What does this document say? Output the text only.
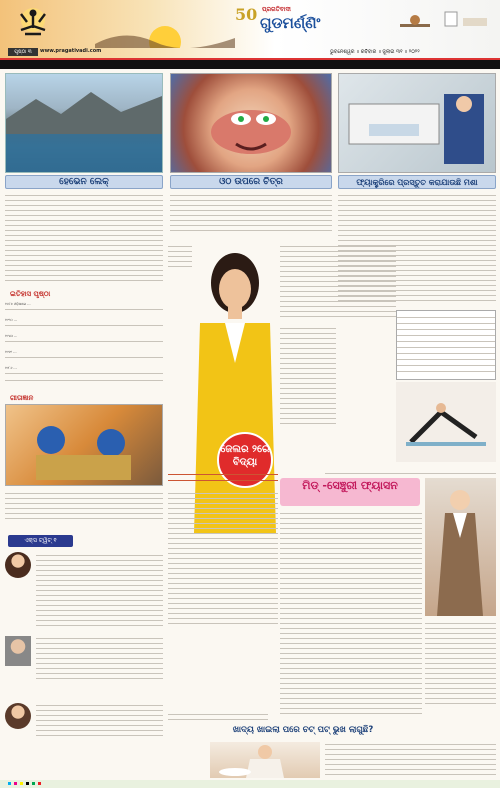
ପୃଷ୍ଠା ୩	www.pragativadi.com
50 ପ୍ରଗତିବାଦୀ
ଗୁଡମର୍ଣ୍ଣିଂ
ଭୁବନେଶ୍ୱର ॥ ରବିବାର ॥ ଜୁଲାଇ ୩୧ ॥ ୨୦୨୨
ହେଭେନ ଲେକ୍	ଓଠ ଉପରେ ଚିତ୍ର	ଫ୍ୟାକ୍ଟ୍ରିରେ ପ୍ରସ୍ତୁତ କରାଯାଉଛି ମଶା
ଇତିହାସ ପୃଷ୍ଠା
୧୬୮୭ ଓଡ଼ିଶାରେ ...
୧୯୨୦ ...
୧୯୪୦ ...
୧୯୭୨ ...
୧୯୮୬ ...
ଗୀତାଜ୍ଞାନ
ଏକ୍ସ ଟ୍ୱିଟ୍ ୧
ଜେଲର ୨ରେ ବିଦ୍ୟା
ମିଡ୍ -ସେଞ୍ଚୁରୀ ଫ୍ୟାସନ
ଖାଦ୍ୟ ଖାଇଲା ପରେ ଚଟ୍ ପଟ୍ ଭୁଖ ଲାଗୁଛି?
